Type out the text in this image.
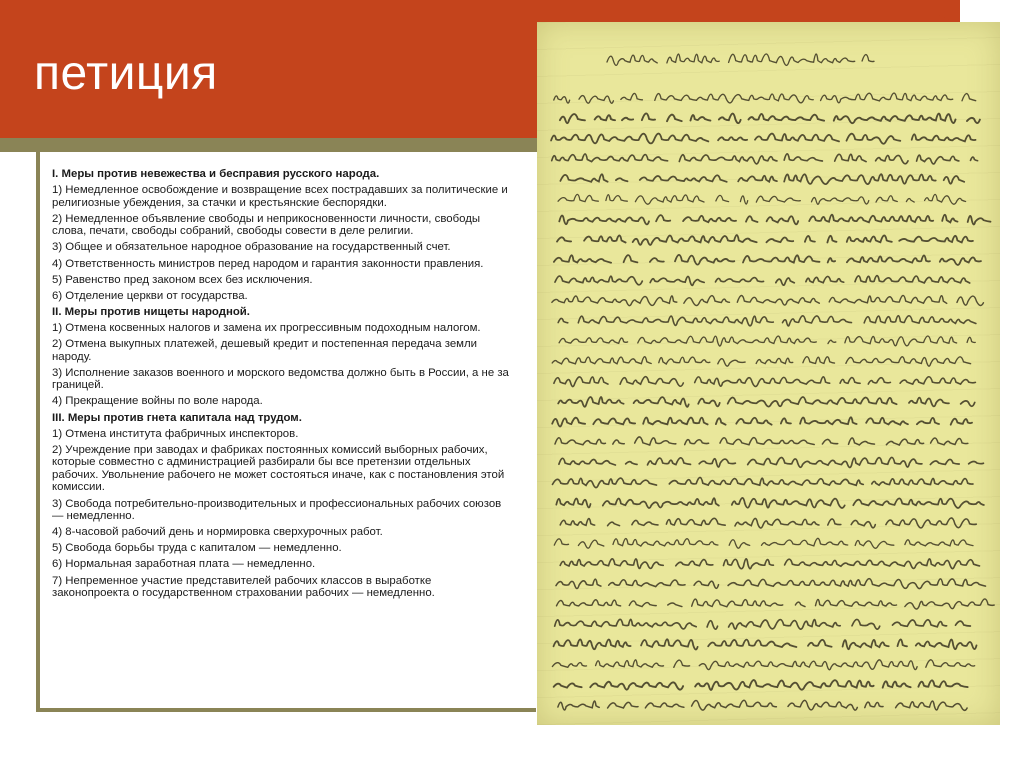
петиция

I. Меры против невежества и бесправия русского народа.

1) Немедленное освобождение и возвращение всех пострадавших за политические и религиозные убеждения, за стачки и крестьянские беспорядки.

2) Немедленное объявление свободы и неприкосновенности личности, свободы слова, печати, свободы собраний, свободы совести в деле религии.

3) Общее и обязательное народное образование на государственный счет.

4) Ответственность министров перед народом и гарантия законности правления.

5) Равенство пред законом всех без исключения.

6) Отделение церкви от государства.

II. Меры против нищеты народной.

1) Отмена косвенных налогов и замена их прогрессивным подоходным налогом.

2) Отмена выкупных платежей, дешевый кредит и постепенная передача земли народу.

3) Исполнение заказов военного и морского ведомства должно быть в России, а не за границей.

4) Прекращение войны по воле народа.

III. Меры против гнета капитала над трудом.

1) Отмена института фабричных инспекторов.

2) Учреждение при заводах и фабриках постоянных комиссий выборных рабочих, которые совместно с администрацией разбирали бы все претензии отдельных рабочих. Увольнение рабочего не может состояться иначе, как с постановления этой комиссии.

3) Свобода потребительно-производительных и профессиональных рабочих союзов — немедленно.

4) 8-часовой рабочий день и нормировка сверхурочных работ.

5) Свобода борьбы труда с капиталом — немедленно.

6) Нормальная заработная плата — немедленно.

7) Непременное участие представителей рабочих классов в выработке законопроекта о государственном страховании рабочих — немедленно.
